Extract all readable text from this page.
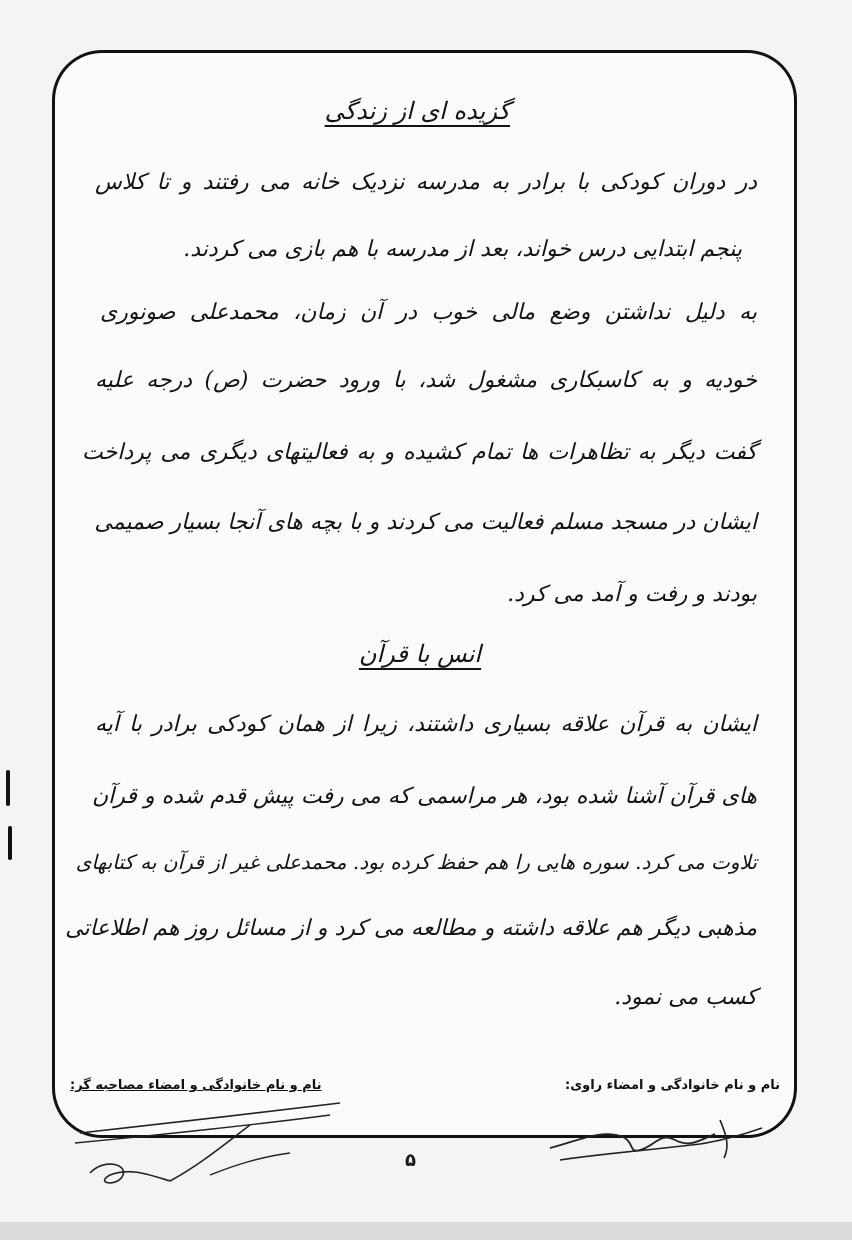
گزیده ای از زندگی
در دوران کودکی با برادر به مدرسه نزدیک خانه می رفتند و تا کلاس
پنجم ابتدایی درس خواند، بعد از مدرسه با هم بازی می کردند.
به دلیل نداشتن وضع مالی خوب در آن زمان، محمدعلی صونوری
خودیه و به کاسبکاری مشغول شد، با ورود حضرت (ص) درجه علیه
گفت دیگر به تظاهرات ها تمام کشیده و به فعالیتهای دیگری می پرداخت
ایشان در مسجد مسلم فعالیت می کردند و با بچه های آنجا بسیار صمیمی
بودند و رفت و آمد می کرد.
انس با قرآن
ایشان به قرآن علاقه بسیاری داشتند، زیرا از همان کودکی برادر با آیه
های قرآن آشنا شده بود، هر مراسمی که می رفت پیش قدم شده و قرآن
تلاوت می کرد. سوره هایی را هم حفظ کرده بود. محمدعلی غیر از قرآن به کتابهای
مذهبی دیگر هم علاقه داشته و مطالعه می کرد و از مسائل روز هم اطلاعاتی
کسب می نمود.
نام و نام خانوادگی و امضاء راوی:
نام و نام خانوادگی و امضاء مصاحبه گر:
۵
